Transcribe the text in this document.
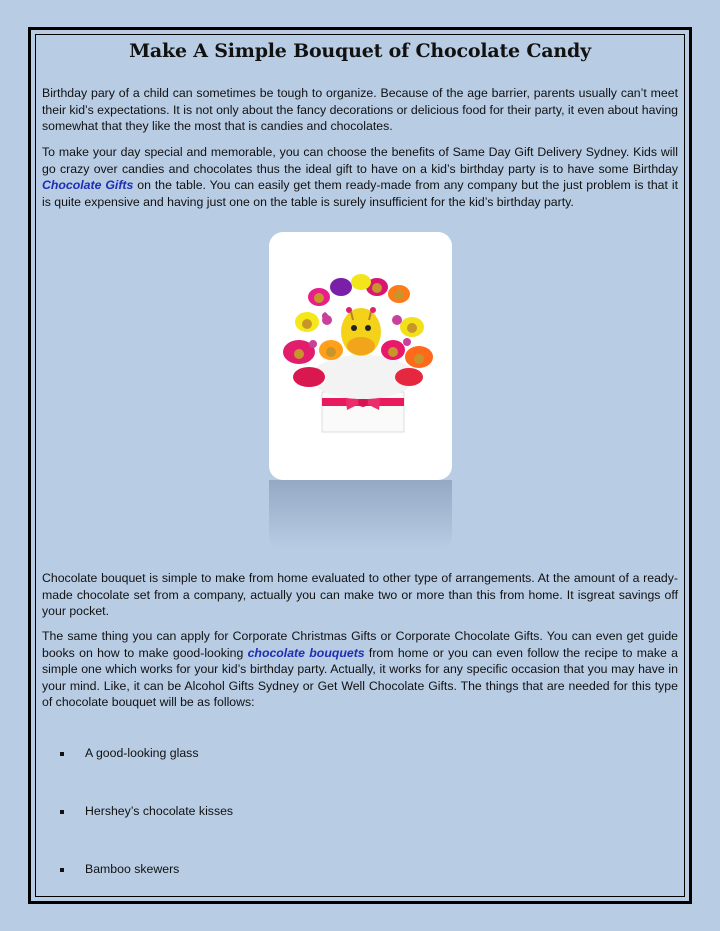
Make A Simple Bouquet of Chocolate Candy

Birthday pary of a child can sometimes be tough to organize. Because of the age barrier, parents usually can’t meet their kid’s expectations. It is not only about the fancy decorations or delicious food for their party, it even about having somewhat that they like the most that is candies and chocolates.

To make your day special and memorable, you can choose the benefits of Same Day Gift Delivery Sydney. Kids will go crazy over candies and chocolates thus the ideal gift to have on a kid’s birthday party is to have some Birthday Chocolate Gifts on the table. You can easily get them ready-made from any company but the just problem is that it is quite expensive and having just one on the table is surely insufficient for the kid’s birthday party.

Chocolate bouquet is simple to make from home evaluated to other type of arrangements. At the amount of a ready-made chocolate set from a company, actually you can make two or more than this from home. It isgreat savings off your pocket.

The same thing you can apply for Corporate Christmas Gifts or Corporate Chocolate Gifts. You can even get guide books on how to make good-looking chocolate bouquets from home or you can even follow the recipe to make a simple one which works for your kid’s birthday party. Actually, it works for any specific occasion that you may have in your mind. Like, it can be Alcohol Gifts Sydney or Get Well Chocolate Gifts. The things that are needed for this type of chocolate bouquet will be as follows:

A good-looking glass
Hershey’s chocolate kisses
Bamboo skewers
